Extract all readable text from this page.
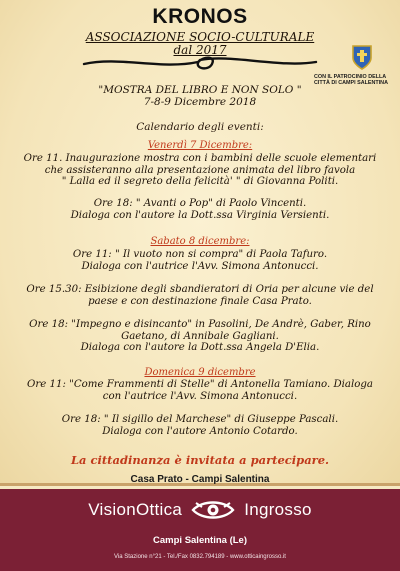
KRONOS
ASSOCIAZIONE SOCIO-CULTURALE
dal 2017
CON IL PATROCINIO DELLA
CITTÀ DI CAMPI SALENTINA
"MOSTRA DEL LIBRO E NON SOLO "
7-8-9 Dicembre 2018
Calendario degli eventi:
Venerdì 7 Dicembre:
Ore 11. Inaugurazione mostra con i bambini delle scuole elementari
che assisteranno alla presentazione animata del libro favola
" Lalla ed il segreto della felicità' " di Giovanna Politi.
Ore 18: " Avanti o Pop" di Paolo Vincenti.
Dialoga con l'autore la Dott.ssa Virginia Versienti.
Sabato 8 dicembre:
Ore 11: " Il vuoto non si compra" di Paola Tafuro.
Dialoga con l'autrice l'Avv. Simona Antonucci.
Ore 15.30: Esibizione degli sbandieratori di Oria per alcune vie del
paese e con destinazione finale Casa Prato.
Ore 18: "Impegno e disincanto" in Pasolini, De Andrè, Gaber, Rino
Gaetano, di Annibale Gagliani.
Dialoga con l'autore la Dott.ssa Angela D'Elia.
Domenica 9 dicembre
Ore 11: "Come Frammenti di Stelle" di Antonella Tamiano. Dialoga
con l'autrice l'Avv. Simona Antonucci.
Ore 18: " Il sigillo del Marchese" di Giuseppe Pascali.
Dialoga con l'autore Antonio Cotardo.
La cittadinanza è invitata a partecipare.
Casa Prato - Campi Salentina
VisionOttica	Ingrosso
Campi Salentina (Le)
Via Stazione n°21 - Tel./Fax 0832.794189 - www.otticaingrosso.it
